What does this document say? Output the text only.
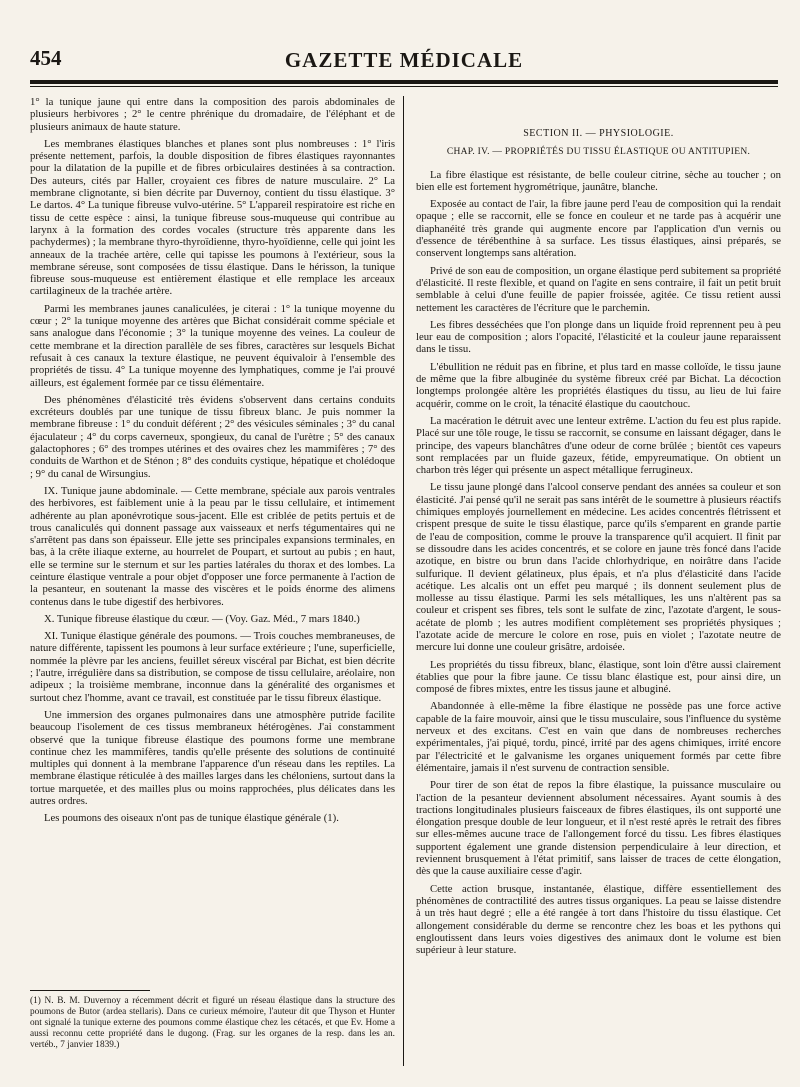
454	GAZETTE MÉDICALE

1° la tunique jaune qui entre dans la composition des parois abdominales de plusieurs herbivores ; 2° le centre phrénique du dromadaire, de l'éléphant et de plusieurs animaux de haute stature.

Les membranes élastiques blanches et planes sont plus nombreuses : 1° l'iris présente nettement, parfois, la double disposition de fibres élastiques rayonnantes pour la dilatation de la pupille et de fibres orbiculaires destinées à sa contraction. Des auteurs, cités par Haller, croyaient ces fibres de nature musculaire. 2° La membrane clignotante, si bien décrite par Duvernoy, contient du tissu élastique. 3° Le dartos. 4° La tunique fibreuse vulvo-utérine. 5° L'appareil respiratoire est riche en tissu de cette espèce : ainsi, la tunique fibreuse sous-muqueuse qui contribue au larynx à la formation des cordes vocales (structure très apparente dans les pachydermes) ; la membrane thyro-thyroïdienne, thyro-hyoïdienne, celle qui joint les anneaux de la trachée artère, celle qui tapisse les poumons à l'extérieur, sous la membrane séreuse, sont composées de tissu élastique. Dans le hérisson, la tunique fibreuse sous-muqueuse est entièrement élastique et elle remplace les arceaux cartilagineux de la trachée artère.

Parmi les membranes jaunes canaliculées, je citerai : 1° la tunique moyenne du cœur ; 2° la tunique moyenne des artères que Bichat considérait comme spéciale et sans analogue dans l'économie ; 3° la tunique moyenne des veines. La couleur de cette membrane et la direction parallèle de ses fibres, caractères sur lesquels Bichat refusait à ces canaux la texture élastique, ne peuvent équivaloir à l'ensemble des propriétés de tissu. 4° La tunique moyenne des lymphatiques, comme je l'ai prouvé ailleurs, est également formée par ce tissu élémentaire.

Des phénomènes d'élasticité très évidens s'observent dans certains conduits excréteurs doublés par une tunique de tissu fibreux blanc. Je puis nommer la membrane fibreuse : 1° du conduit déférent ; 2° des vésicules séminales ; 3° du canal éjaculateur ; 4° du corps caverneux, spongieux, du canal de l'urètre ; 5° des canaux galactophores ; 6° des trompes utérines et des ovaires chez les mammifères ; 7° des conduits de Warthon et de Sténon ; 8° des conduits cystique, hépatique et cholédoque ; 9° du canal de Wirsungius.

IX. Tunique jaune abdominale. — Cette membrane, spéciale aux parois ventrales des herbivores, est faiblement unie à la peau par le tissu cellulaire, et intimement adhérente au plan aponévrotique sous-jacent. Elle est criblée de petits pertuis et de trous canaliculés qui donnent passage aux vaisseaux et nerfs tégumentaires qui ne s'arrêtent pas dans son épaisseur. Elle jette ses principales expansions terminales, en bas, à la crête iliaque externe, au hourrelet de Poupart, et surtout au pubis ; en haut, elle se termine sur le sternum et sur les parties latérales du thorax et des lombes. La ceinture élastique ventrale a pour objet d'opposer une force permanente à l'action de la pesanteur, en soutenant la masse des viscères et le poids énorme des alimens contenus dans le tube digestif des herbivores.

X. Tunique fibreuse élastique du cœur. — (Voy. Gaz. Méd., 7 mars 1840.)

XI. Tunique élastique générale des poumons. — Trois couches membraneuses, de nature différente, tapissent les poumons à leur surface extérieure ; l'une, superficielle, nommée la plèvre par les anciens, feuillet séreux viscéral par Bichat, est bien décrite ; l'autre, irrégulière dans sa distribution, se compose de tissu cellulaire, aréolaire, non adipeux ; la troisième membrane, inconnue dans la généralité des organismes et surtout chez l'homme, avant ce travail, est constituée par le tissu fibreux élastique.

Une immersion des organes pulmonaires dans une atmosphère putride facilite beaucoup l'isolement de ces tissus membraneux hétérogènes. J'ai constamment observé que la tunique fibreuse élastique des poumons forme une membrane continue chez les mammifères, tandis qu'elle présente des solutions de continuité multiples qui donnent à la membrane l'apparence d'un réseau dans les reptiles. La membrane élastique réticulée à des mailles larges dans les chéloniens, surtout dans la tortue marquetée, et des mailles plus ou moins rapprochées, plus délicates dans les autres ordres.

Les poumons des oiseaux n'ont pas de tunique élastique générale (1).

SECTION II. — PHYSIOLOGIE.

CHAP. IV. — PROPRIÉTÉS DU TISSU ÉLASTIQUE OU ANTITUPIEN.

La fibre élastique est résistante, de belle couleur citrine, sèche au toucher ; on bien elle est fortement hygrométrique, jaunâtre, blanche.

Exposée au contact de l'air, la fibre jaune perd l'eau de composition qui la rendait opaque ; elle se raccornit, elle se fonce en couleur et ne tarde pas à acquérir une diaphanéité très grande qui augmente encore par l'application d'un vernis ou d'essence de térébenthine à sa surface. Les tissus élastiques, ainsi préparés, se conservent longtemps sans altération.

Privé de son eau de composition, un organe élastique perd subitement sa propriété d'élasticité. Il reste flexible, et quand on l'agite en sens contraire, il fait un petit bruit semblable à celui d'une feuille de papier froissée, agitée. Ce tissu retient aussi nettement les caractères de l'écriture que le parchemin.

Les fibres desséchées que l'on plonge dans un liquide froid reprennent peu à peu leur eau de composition ; alors l'opacité, l'élasticité et la couleur jaune reparaissent dans le tissu.

L'ébullition ne réduit pas en fibrine, et plus tard en masse colloïde, le tissu jaune de même que la fibre albuginée du système fibreux créé par Bichat. La décoction longtemps prolongée altère les propriétés élastiques du tissu, au lieu de lui faire acquérir, comme on le croit, la ténacité élastique du caoutchouc.

La macération le détruit avec une lenteur extrême. L'action du feu est plus rapide. Placé sur une tôle rouge, le tissu se raccornit, se consume en laissant dégager, dans le principe, des vapeurs blanchâtres d'une odeur de corne brûlée ; bientôt ces vapeurs sont remplacées par un fluide gazeux, fétide, empyreumatique. On obtient un charbon très léger qui présente un aspect métallique ferrugineux.

Le tissu jaune plongé dans l'alcool conserve pendant des années sa couleur et son élasticité. J'ai pensé qu'il ne serait pas sans intérêt de le soumettre à plusieurs réactifs chimiques employés journellement en médecine. Les acides concentrés flétrissent et crispent presque de suite le tissu élastique, parce qu'ils s'emparent en grande partie de l'eau de composition, comme le prouve la transparence qu'il acquiert. Il finit par se dissoudre dans les acides concentrés, et se colore en jaune très foncé dans l'acide azotique, en bistre ou brun dans l'acide chlorhydrique, en noirâtre dans l'acide sulfurique. Il devient gélatineux, plus épais, et n'a plus d'élasticité dans l'acide acétique. Les alcalis ont un effet peu marqué ; ils donnent seulement plus de mollesse au tissu élastique. Parmi les sels métalliques, les uns n'altèrent pas sa couleur et crispent ses fibres, tels sont le sulfate de zinc, l'azotate d'argent, le sous-acétate de plomb ; les autres modifient complètement ses propriétés physiques ; l'azotate acide de mercure le colore en rose, puis en violet ; l'azotate neutre de mercure lui donne une couleur grisâtre, ardoisée.

Les propriétés du tissu fibreux, blanc, élastique, sont loin d'être aussi clairement établies que pour la fibre jaune. Ce tissu blanc élastique est, pour ainsi dire, un composé de fibres mixtes, entre les tissus jaune et albuginé.

Abandonnée à elle-même la fibre élastique ne possède pas une force active capable de la faire mouvoir, ainsi que le tissu musculaire, sous l'influence du système nerveux et des excitans. C'est en vain que dans de nombreuses recherches expérimentales, j'ai piqué, tordu, pincé, irrité par des agens chimiques, irrité encore par l'électricité et le galvanisme les organes uniquement formés par cette fibre élémentaire, jamais il n'est survenu de contraction sensible.

Pour tirer de son état de repos la fibre élastique, la puissance musculaire ou l'action de la pesanteur deviennent absolument nécessaires. Ayant soumis à des tractions longitudinales plusieurs faisceaux de fibres élastiques, ils ont supporté une élongation presque double de leur longueur, et il n'est resté après le retrait des fibres sur elles-mêmes aucune trace de l'allongement forcé du tissu. Les fibres élastiques supportent également une grande distension perpendiculaire à leur direction, et reviennent brusquement à l'état primitif, sans laisser de traces de cette élongation, dès que la cause auxiliaire cesse d'agir.

Cette action brusque, instantanée, élastique, diffère essentiellement des phénomènes de contractilité des autres tissus organiques. La peau se laisse distendre à un très haut degré ; elle a été rangée à tort dans l'histoire du tissu élastique. Cet allongement considérable du derme se rencontre chez les boas et les pythons qui engloutissent dans leurs voies digestives des animaux dont le volume est bien supérieur à leur stature.

(1) N. B. M. Duvernoy a récemment décrit et figuré un réseau élastique dans la structure des poumons de Butor (ardea stellaris). Dans ce curieux mémoire, l'auteur dit que Thyson et Hunter ont signalé la tunique externe des poumons comme élastique chez les cétacés, et que Ev. Home a aussi reconnu cette propriété dans le dugong. (Frag. sur les organes de la resp. dans les an. vertéb., 7 janvier 1839.)
